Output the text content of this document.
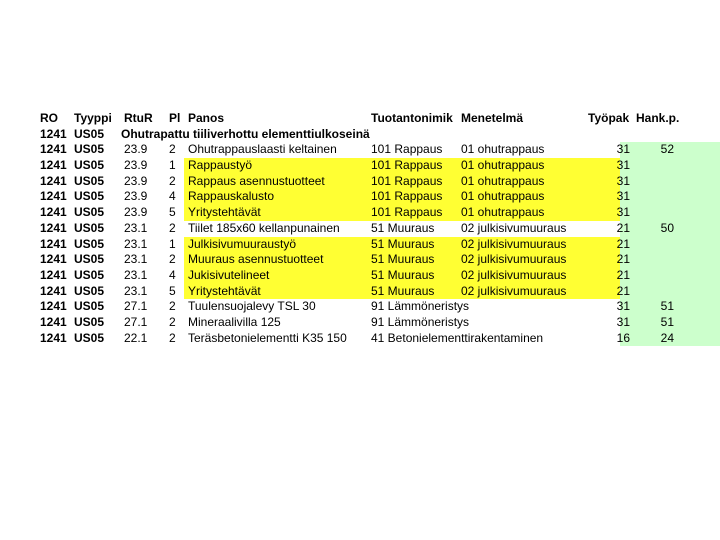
RO Tyyppi RtuR Pl Panos	Tuotantonimik Menetelmä	Työpak Hank.p.
1241 US05 Ohutrapattu tiiliverhottu elementtiulkoseinä
1241 US05 23.9 2 Ohutrappauslaasti keltainen	101 Rappaus 01 ohutrappaus	31	52
1241 US05 23.9 1 Rappaustyö	101 Rappaus 01 ohutrappaus	31
1241 US05 23.9 2 Rappaus asennustuotteet	101 Rappaus 01 ohutrappaus	31
1241 US05 23.9 4 Rappauskalusto	101 Rappaus 01 ohutrappaus	31
1241 US05 23.9 5 Yritystehtävät	101 Rappaus 01 ohutrappaus	31
1241 US05 23.1 2 Tiilet 185x60 kellanpunainen	51 Muuraus 02 julkisivumuuraus	21	50
1241 US05 23.1 1 Julkisivumuuraustyö	51 Muuraus 02 julkisivumuuraus	21
1241 US05 23.1 2 Muuraus asennustuotteet	51 Muuraus 02 julkisivumuuraus	21
1241 US05 23.1 4 Jukisivutelineet	51 Muuraus 02 julkisivumuuraus	21
1241 US05 23.1 5 Yritystehtävät	51 Muuraus 02 julkisivumuuraus	21
1241 US05 27.1 2 Tuulensuojalevy TSL 30	91 Lämmöneristys	31	51
1241 US05 27.1 2 Mineraalivilla 125	91 Lämmöneristys	31	51
1241 US05 22.1 2 Teräsbetonielementti K35 150 41 Betonielementtirakentaminen	16	24
